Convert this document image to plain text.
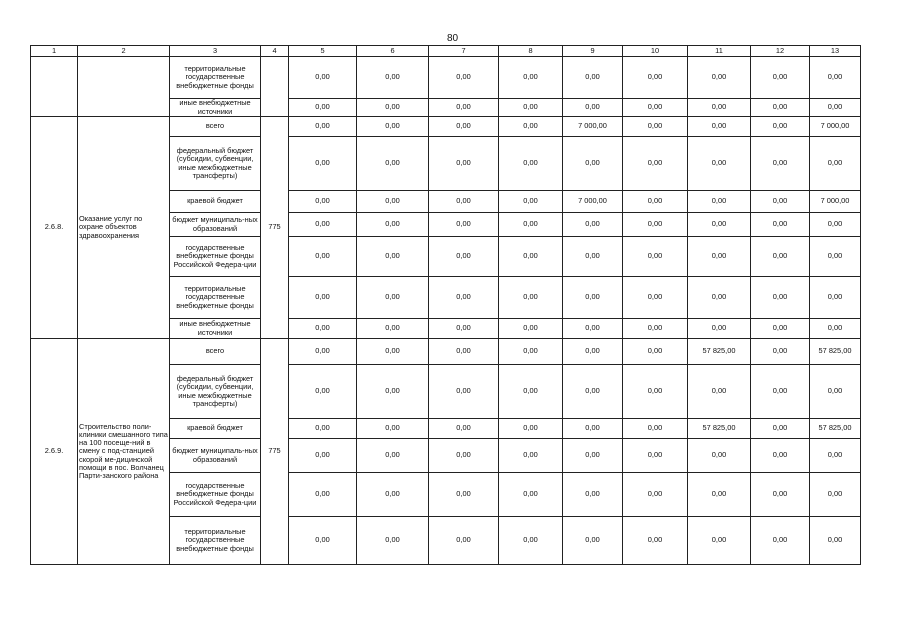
80
1	2	3	4	5	6	7	8	9	10	11	12	13
		территориальные государственные внебюджетные фонды		0,00	0,00	0,00	0,00	0,00	0,00	0,00	0,00	0,00
		иные внебюджетные источники		0,00	0,00	0,00	0,00	0,00	0,00	0,00	0,00	0,00
2.6.8.	Оказание услуг по охране объектов здравоохранения	всего	775	0,00	0,00	0,00	0,00	7 000,00	0,00	0,00	0,00	7 000,00
		федеральный бюджет (субсидии, субвенции, иные межбюджетные трансферты)		0,00	0,00	0,00	0,00	0,00	0,00	0,00	0,00	0,00
		краевой бюджет		0,00	0,00	0,00	0,00	7 000,00	0,00	0,00	0,00	7 000,00
		бюджет муниципаль-ных образований		0,00	0,00	0,00	0,00	0,00	0,00	0,00	0,00	0,00
		государственные внебюджетные фонды Российской Федера-ции		0,00	0,00	0,00	0,00	0,00	0,00	0,00	0,00	0,00
		территориальные государственные внебюджетные фонды		0,00	0,00	0,00	0,00	0,00	0,00	0,00	0,00	0,00
		иные внебюджетные источники		0,00	0,00	0,00	0,00	0,00	0,00	0,00	0,00	0,00
2.6.9.	Строительство поли-клиники смешанного типа на 100 посеще-ний в смену с под-станцией скорой ме-дицинской помощи в пос. Волчанец Парти-занского района	всего	775	0,00	0,00	0,00	0,00	0,00	0,00	57 825,00	0,00	57 825,00
		федеральный бюджет (субсидии, субвенции, иные межбюджетные трансферты)		0,00	0,00	0,00	0,00	0,00	0,00	0,00	0,00	0,00
		краевой бюджет		0,00	0,00	0,00	0,00	0,00	0,00	57 825,00	0,00	57 825,00
		бюджет муниципаль-ных образований		0,00	0,00	0,00	0,00	0,00	0,00	0,00	0,00	0,00
		государственные внебюджетные фонды Российской Федера-ции		0,00	0,00	0,00	0,00	0,00	0,00	0,00	0,00	0,00
		территориальные государственные внебюджетные фонды		0,00	0,00	0,00	0,00	0,00	0,00	0,00	0,00	0,00
